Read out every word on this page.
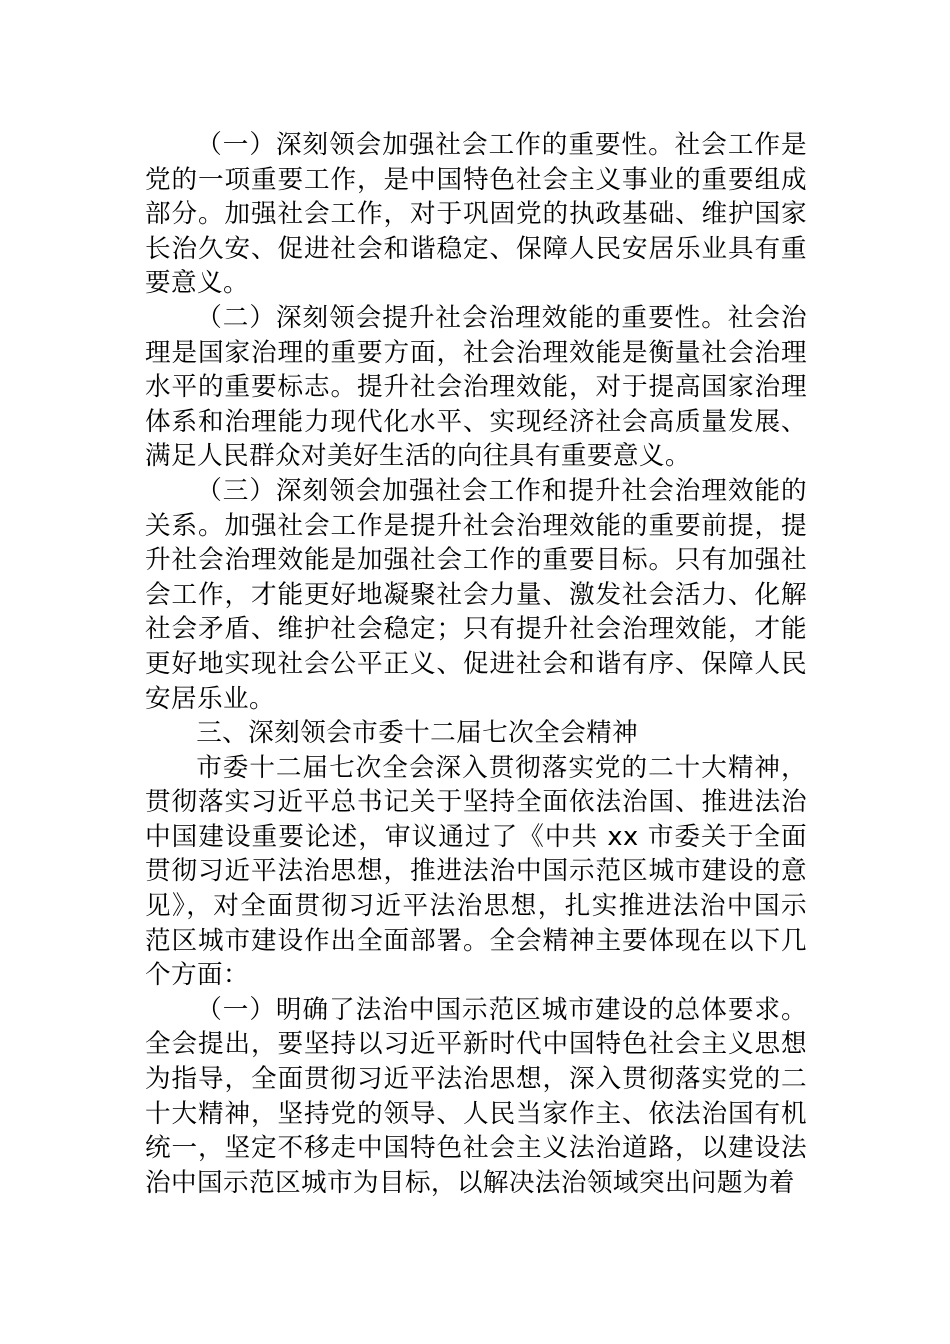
（一）深刻领会加强社会工作的重要性。社会工作是党的一项重要工作，是中国特色社会主义事业的重要组成部分。加强社会工作，对于巩固党的执政基础、维护国家长治久安、促进社会和谐稳定、保障人民安居乐业具有重要意义。

（二）深刻领会提升社会治理效能的重要性。社会治理是国家治理的重要方面，社会治理效能是衡量社会治理水平的重要标志。提升社会治理效能，对于提高国家治理体系和治理能力现代化水平、实现经济社会高质量发展、满足人民群众对美好生活的向往具有重要意义。

（三）深刻领会加强社会工作和提升社会治理效能的关系。加强社会工作是提升社会治理效能的重要前提，提升社会治理效能是加强社会工作的重要目标。只有加强社会工作，才能更好地凝聚社会力量、激发社会活力、化解社会矛盾、维护社会稳定；只有提升社会治理效能，才能更好地实现社会公平正义、促进社会和谐有序、保障人民安居乐业。

三、深刻领会市委十二届七次全会精神

市委十二届七次全会深入贯彻落实党的二十大精神，贯彻落实习近平总书记关于坚持全面依法治国、推进法治中国建设重要论述，审议通过了《中共 xx 市委关于全面贯彻习近平法治思想，推进法治中国示范区城市建设的意见》，对全面贯彻习近平法治思想，扎实推进法治中国示范区城市建设作出全面部署。全会精神主要体现在以下几个方面：

（一）明确了法治中国示范区城市建设的总体要求。全会提出，要坚持以习近平新时代中国特色社会主义思想为指导，全面贯彻习近平法治思想，深入贯彻落实党的二十大精神，坚持党的领导、人民当家作主、依法治国有机统一，坚定不移走中国特色社会主义法治道路，以建设法治中国示范区城市为目标，以解决法治领域突出问题为着
